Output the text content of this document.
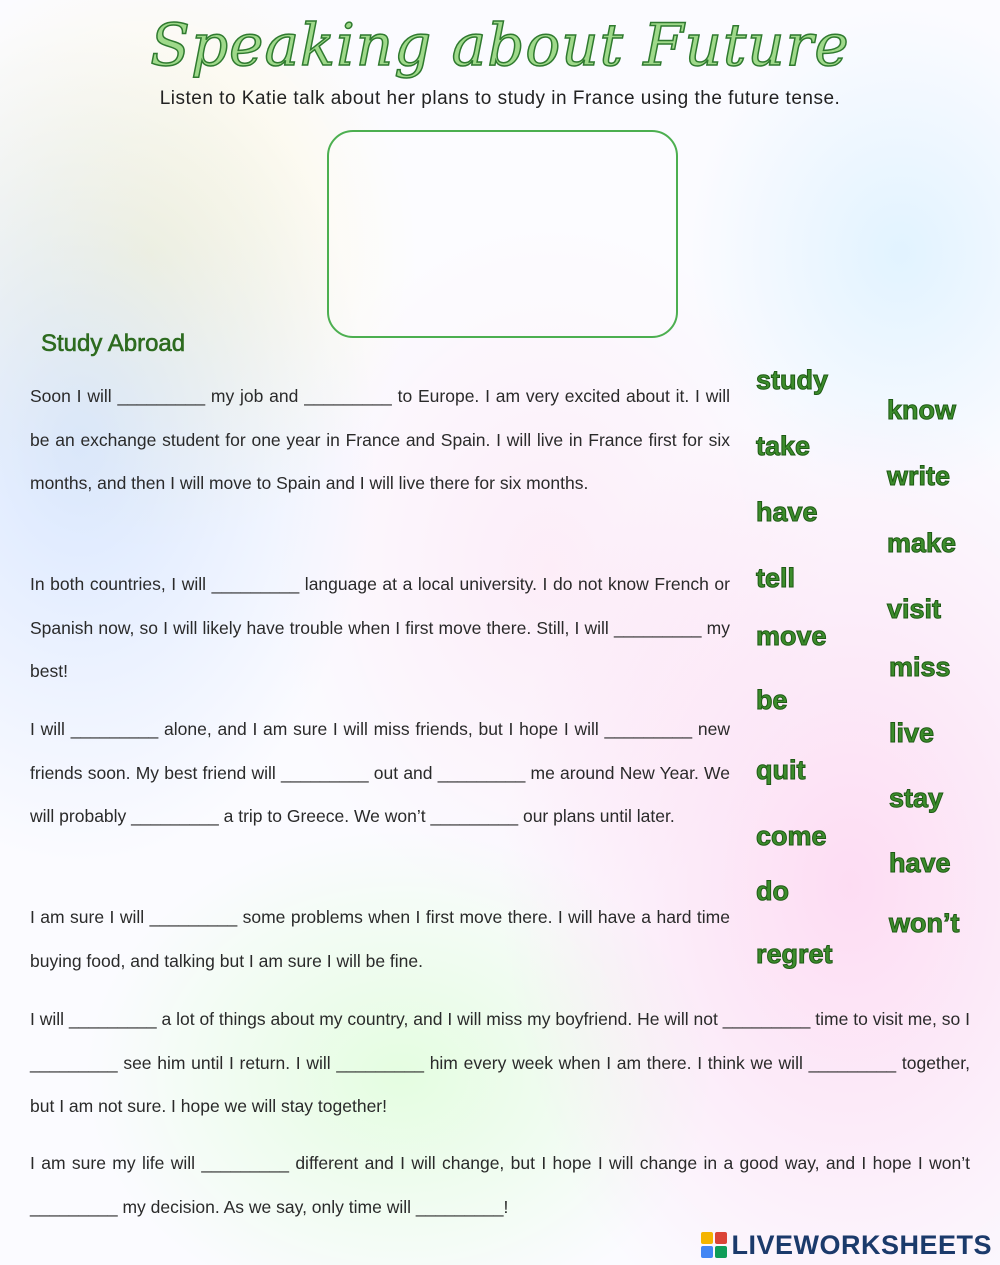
Speaking about Future
Listen to Katie talk about her plans to study in France using the future tense.
Study Abroad
Soon I will _________ my job and _________ to Europe. I am very excited about it. I will be an exchange student for one year in France and Spain. I will live in France first for six months, and then I will move to Spain and I will live there for six months.
In both countries, I will _________ language at a local university. I do not know French or Spanish now, so I will likely have trouble when I first move there. Still, I will _________ my best!
I will _________ alone, and I am sure I will miss friends, but I hope I will _________ new friends soon. My best friend will _________ out and _________ me around New Year. We will probably _________ a trip to Greece. We won’t _________ our plans until later.
I am sure I will _________ some problems when I first move there. I will have a hard time buying food, and talking but I am sure I will be fine.
I will _________ a lot of things about my country, and I will miss my boyfriend. He will not _________ time to visit me, so I _________ see him until I return. I will _________ him every week when I am there. I think we will _________ together, but I am not sure. I hope we will stay together!
I am sure my life will _________ different and I will change, but I hope I will change in a good way, and I hope I won’t _________ my decision. As we say, only time will _________!
study
take
have
tell
move
be
quit
come
do
regret
know
write
make
visit
miss
live
stay
have
won’t
LIVEWORKSHEETS
